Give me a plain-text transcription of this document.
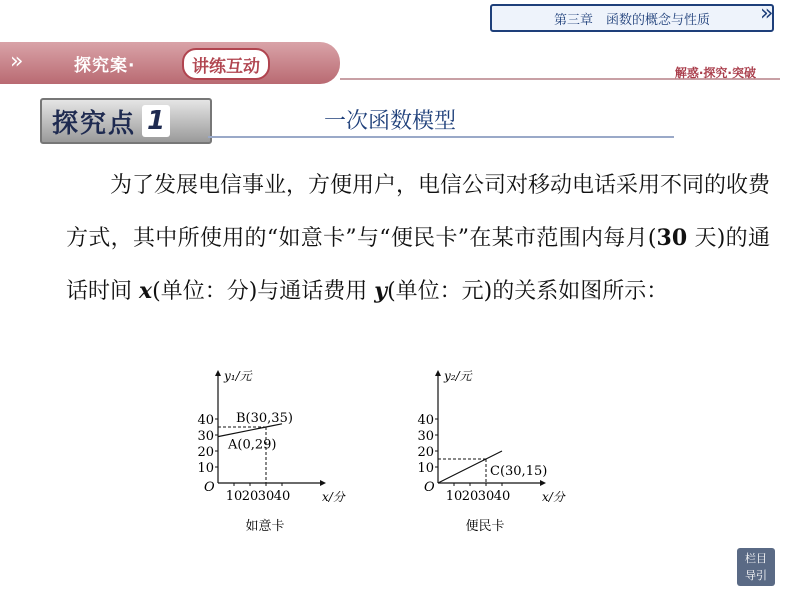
第三章　函数的概念与性质 »
»	探究案·	讲练互动	解惑·探究·突破
探究点 1	一次函数模型
为了发展电信事业，方便用户，电信公司对移动电话采用不同的收费方式，其中所使用的“如意卡”与“便民卡”在某市范围内每月(30 天)的通话时间 x(单位：分)与通话费用 y(单位：元)的关系如图所示：
y₁/元
x/分
O
10
20
30
40
10 20 30 40
A(0,29)
B(30,35)
如意卡
y₂/元
x/分
O
10
20
30
40
10 20 30 40
C(30,15)
便民卡
栏目
导引
